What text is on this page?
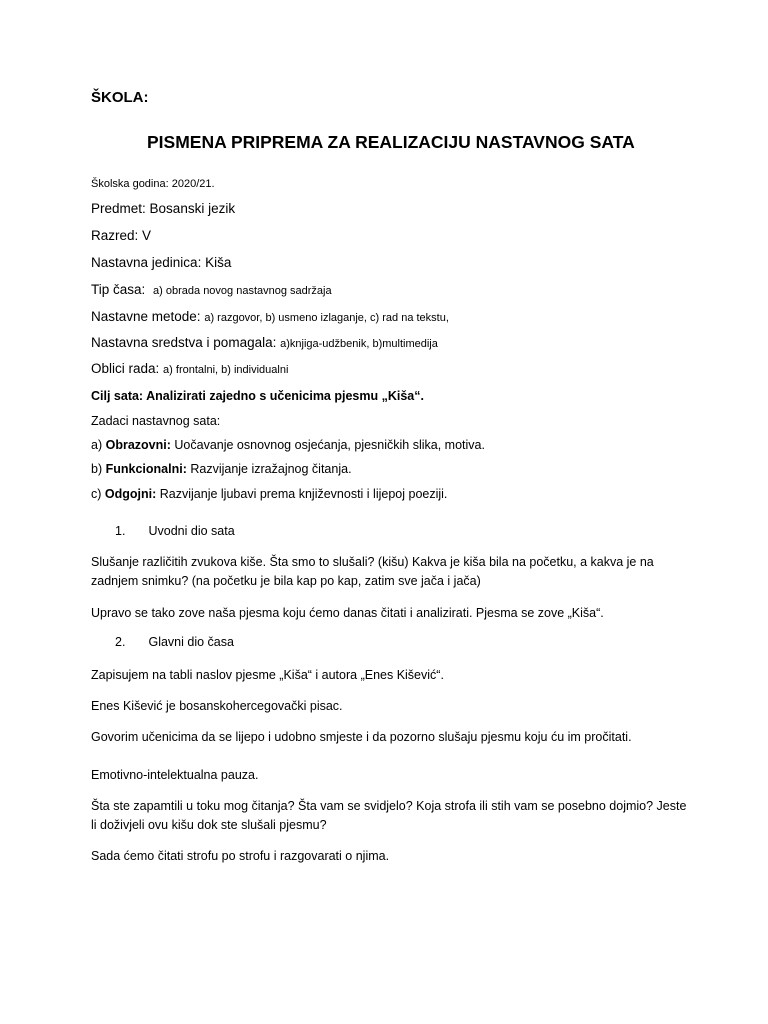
ŠKOLA:
PISMENA PRIPREMA ZA REALIZACIJU NASTAVNOG SATA
Školska godina: 2020/21.
Predmet: Bosanski jezik
Razred: V
Nastavna jedinica: Kiša
Tip časa: a) obrada novog nastavnog sadržaja
Nastavne metode: a) razgovor, b) usmeno izlaganje, c) rad na tekstu,
Nastavna sredstva i pomagala: a)knjiga-udžbenik, b)multimedija
Oblici rada: a) frontalni, b) individualni
Cilj sata: Analizirati zajedno s učenicima pjesmu „Kiša“.
Zadaci nastavnog sata:
a) Obrazovni: Uočavanje osnovnog osjećanja, pjesničkih slika, motiva.
b) Funkcionalni: Razvijanje izražajnog čitanja.
c) Odgojni: Razvijanje ljubavi prema književnosti i lijepoj poeziji.
1. Uvodni dio sata
Slušanje različitih zvukova kiše. Šta smo to slušali? (kišu) Kakva je kiša bila na početku, a kakva je na zadnjem snimku? (na početku je bila kap po kap, zatim sve jača i jača)
Upravo se tako zove naša pjesma koju ćemo danas čitati i analizirati. Pjesma se zove „Kiša“.
2. Glavni dio časa
Zapisujem na tabli naslov pjesme „Kiša“ i autora „Enes Kišević“.
Enes Kišević je bosanskohercegovački pisac.
Govorim učenicima da se lijepo i udobno smjeste i da pozorno slušaju pjesmu koju ću im pročitati.
Emotivno-intelektualna pauza.
Šta ste zapamtili u toku mog čitanja? Šta vam se svidjelo? Koja strofa ili stih vam se posebno dojmio? Jeste li doživjeli ovu kišu dok ste slušali pjesmu?
Sada ćemo čitati strofu po strofu i razgovarati o njima.
